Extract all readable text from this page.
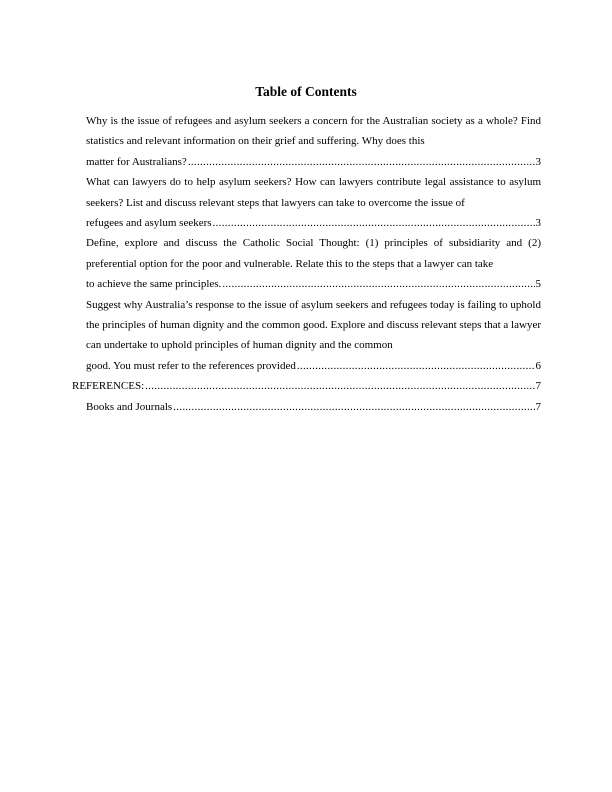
Table of Contents
Why is the issue of refugees and asylum seekers a concern for the Australian society as a whole? Find statistics and relevant information on their grief and suffering. Why does this
matter for Australians? .....	3
What can lawyers do to help asylum seekers? How can lawyers contribute legal assistance to asylum seekers? List and discuss relevant steps that lawyers can take to overcome the issue of
refugees and asylum seekers .....	3
Define, explore and discuss the Catholic Social Thought: (1) principles of subsidiarity and (2) preferential option for the poor and vulnerable. Relate this to the steps that a lawyer can take
to achieve the same principles. .....	5
Suggest why Australia’s response to the issue of asylum seekers and refugees today is failing to uphold the principles of human dignity and the common good. Explore and discuss relevant steps that a lawyer can undertake to uphold principles of human dignity and the common
good. You must refer to the references provided .....	6
REFERENCES: .....	7
Books and Journals .....	7
